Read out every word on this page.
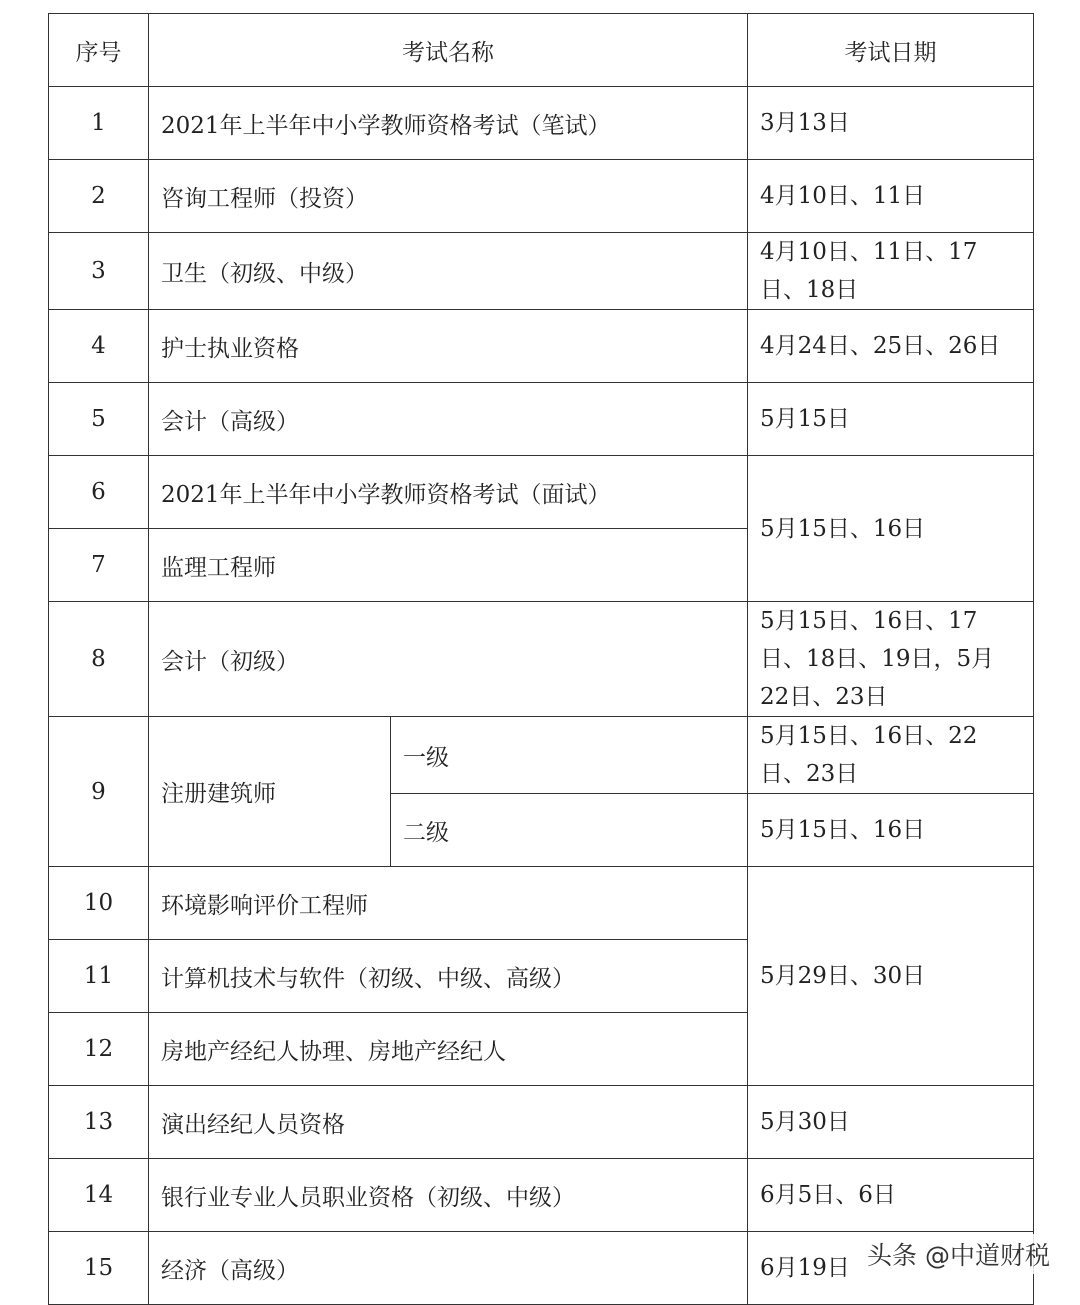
序号	考试名称		考试日期
1	2021年上半年中小学教师资格考试（笔试）		3月13日
2	咨询工程师（投资）		4月10日、11日
3	卫生（初级、中级）		4月10日、11日、17日、18日
4	护士执业资格		4月24日、25日、26日
5	会计（高级）		5月15日
6	2021年上半年中小学教师资格考试（面试）		5月15日、16日
7	监理工程师		
8	会计（初级）		5月15日、16日、17日、18日、19日，5月22日、23日
9	注册建筑师	一级	5月15日、16日、22日、23日
		二级	5月15日、16日
10	环境影响评价工程师		5月29日、30日
11	计算机技术与软件（初级、中级、高级）		
12	房地产经纪人协理、房地产经纪人		
13	演出经纪人员资格		5月30日
14	银行业专业人员职业资格（初级、中级）		6月5日、6日
15	经济（高级）		6月19日 头条 @中道财税
